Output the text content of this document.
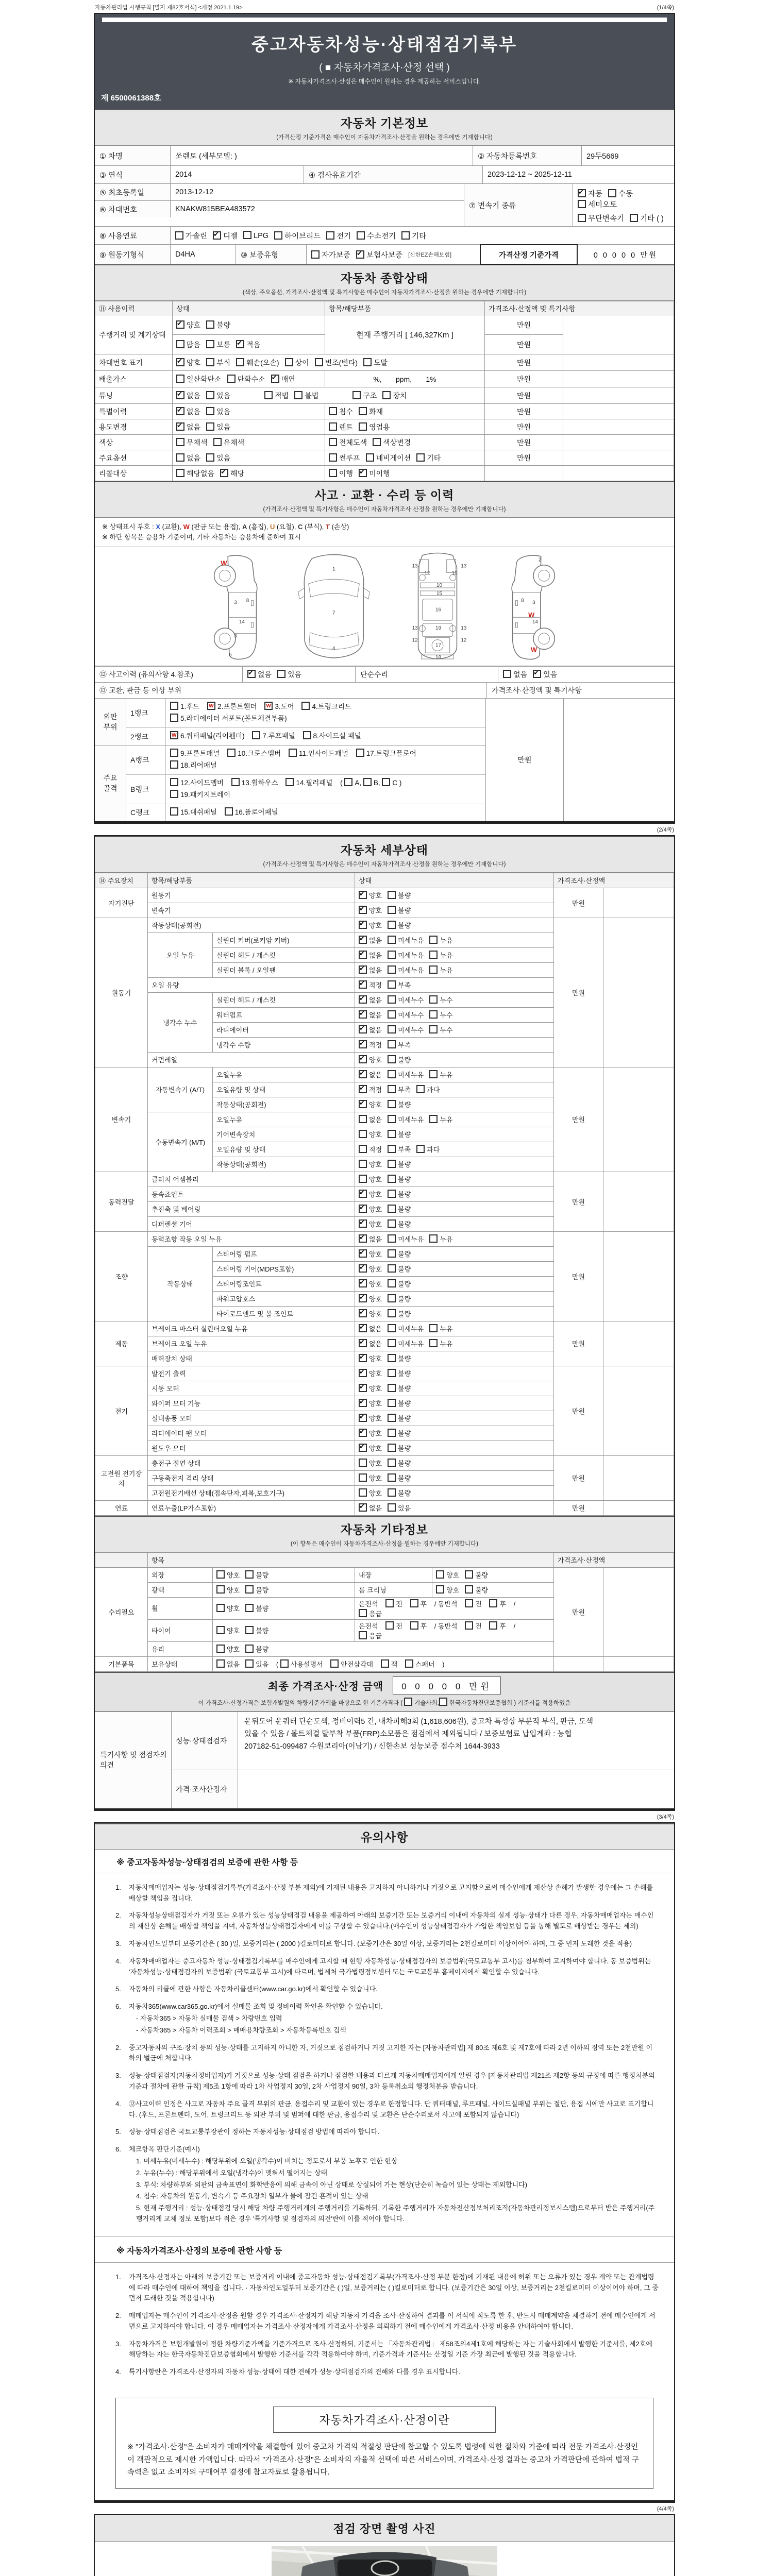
자동차관리법 시행규칙 [별지 제82호서식] <개정 2021.1.19>	(1/4쪽)
중고자동차성능·상태점검기록부
( ■ 자동차가격조사·산정 선택 )
※ 자동차가격조사·산정은 매수인이 원하는 경우 제공하는 서비스입니다.
제 6500061388호
자동차 기본정보
(가격산정 기준가격은 매수인이 자동차가격조사·산정을 원하는 경우에만 기재합니다)
① 차명	쏘렌토 (세부모델: )	② 자동차등록번호	29두5669
③ 연식	2014	④ 검사유효기간	2023-12-12 ~ 2025-12-11
⑤ 최초등록일	2013-12-12
⑥ 차대번호	KNAKW815BEA483572	⑦ 변속기 종류
✔자동 수동세미오토
무단변속기 기타 ( )
⑧ 사용연료	가솔린 ✔	디젤	LPG	하이브리드	전기	수소전기	기타
⑨ 원동기형식	D4HA	⑩ 보증유형	자가보증 ✔	보험사보증 [신한EZ손해보험]	가격산정 기준가격	0 0 0 0 0 만원
자동차 종합상태
(색상, 주요옵션, 가격조사·산정액 및 특기사항은 매수인이 자동차가격조사·산정을 원하는 경우에만 기재합니다)
⑪ 사용이력	상태	항목/해당부품	가격조사·산정액 및 특기사항	
주행거리 및 계기상태	✔양호 불량	현재 주행거리 [ 146,327Km ]	만원	
	많음 보통 ✔ 적음		만원	
차대번호 표기	✔양호 부식 훼손(오손) 상이 변조(변타) 도말		만원	
배출가스	일산화탄소 탄화수소 ✔ 매연	%,       ppm,       1%	만원	
튜닝	✔없음 있음 적법 불법 구조 장치		만원	
특별이력	✔없음 있음	침수 화재	만원	
용도변경	✔없음 있음	렌트 영업용	만원	
색상	무채색 유채색	전체도색 색상변경	만원	
주요옵션	없음 있음	썬루프 네비게이션 기타	만원	
리콜대상	해당없음 ✔ 해당	이행 ✔ 미이행		
사고 · 교환 · 수리 등 이력
(가격조사·산정액 및 특기사항은 매수인이 자동차가격조사·산정을 원하는 경우에만 기재합니다)
※ 상태표시 부호 : X (교환), W (판금 또는 용접), A (흠집), U (요철), C (부식), T (손상)
※ 하단 항목은 승용차 기준이며, 기타 자동차는 승용차에 준하여 표시
8
3
14
3
6
W
1
7
4
13
12	12
13
10
15
16
13	19	13
12
17
12
18
2
3
8
14
W
W
⑫ 사고이력 (유의사항 4.참조) ✔	없음	있음	단순수리	없음 ✔	있음
⑬ 교환, 판금 등 이상 부위	가격조사·산정액 및 특기사항
외판
부위
1랭크
1.후드 W	2.프론트휀더 W	3.도어	4.트렁크리드
5.라디에이터 서포트(볼트체결부품)
2랭크 W	6.쿼터패널(리어휀더)	7.루프패널	8.사이드실 패널
주요
골격
A랭크
9.프론트패널	10.크로스멤버	11.인사이드패널	17.트렁크플로어
18.리어패널
B랭크
12.사이드멤버	13.휠하우스	14.필러패널 ( A, B, C )
19.패키지트레이
C랭크	15.대쉬패널	16.플로어패널
만원
(2/4쪽)
자동차 세부상태
(가격조사·산정액 및 특기사항은 매수인이 자동차가격조사·산정을 원하는 경우에만 기재합니다)
⑭ 주요장치	항목/해당부품		상태	가격조사·산정액	
자기진단	원동기	✔양호 불량	만원	
	변속기	✔양호 불량
원동기	작동상태(공회전)	✔양호 불량	만원	
	오일 누유	실린더 커버(로커암 커버)	✔없음 미세누유 누유
		실린더 헤드 / 개스킷	✔없음 미세누유 누유
		실린더 블록 / 오일팬	✔없음 미세누유 누유
	오일 유량	✔적정 부족
	냉각수 누수	실린더 헤드 / 개스킷	✔없음 미세누수 누수
		워터펌프	✔없음 미세누수 누수
		라디에이터	✔없음 미세누수 누수
		냉각수 수량	✔적정 부족
	커먼레일	✔양호 불량
변속기	자동변속기 (A/T)	오일누유	✔없음 미세누유 누유	만원	
		오일유량 및 상태	✔적정 부족 과다
		작동상태(공회전)	✔양호 불량
	수동변속기 (M/T)	오일누유	없음 미세누유 누유		
		기어변속장치	양호 불량		
		오일유량 및 상태	적정 부족 과다		
		작동상태(공회전)	양호 불량		
동력전달	클러치 어셈블리		양호 불량	만원	
	등속죠인트	✔양호 불량
	추진축 및 베어링	✔양호 불량
	디퍼렌셜 기어	✔양호 불량
조향	동력조향 작동 오일 누유	✔없음 미세누유 누유	만원	
	작동상태	스티어링 펌프	✔양호 불량
		스티어링 기어(MDPS포함)	✔양호 불량
		스티어링조인트	✔양호 불량
		파워고압호스	✔양호 불량
		타이로드엔드 및 볼 조인트	✔양호 불량
제동	브레이크 마스터 실린더오일 누유	✔없음 미세누유 누유	만원	
	브레이크 오일 누유	✔없음 미세누유 누유
	배력장치 상태	✔양호 불량
전기	발전기 출력	✔양호 불량	만원	
	시동 모터	✔양호 불량
	와이퍼 모터 기능	✔양호 불량
	실내송풍 모터	✔양호 불량
	라디에이터 팬 모터	✔양호 불량
	윈도우 모터	✔양호 불량
고전원 전기장치	충전구 절연 상태		양호 불량	만원	
	구동축전지 격리 상태		양호 불량		
	고전원전기배선 상태(접속단자,피복,보호기구)		양호 불량		
연료	연료누출(LP가스포함)	✔없음 있음	만원	
자동차 기타정보
(이 항목은 매수인이 자동차가격조사·산정을 원하는 경우에만 기재합니다)
	항목				가격조사·산정액	
수리필요	외장	양호 불량	내장	양호 불량	만원	
	광택	양호 불량	룸 크리닝	양호 불량		
	휠	양호 불량	운전석 전 후 / 동반석 전 후 / 응급			
	타이어	양호 불량	운전석 전 후 / 동반석 전 후 / 응급			
	유리	양호 불량				
기본품목	보유상태	없음 있음 ( 사용설명서 안전삼각대 잭 스패너 )				
최종 가격조사·산정 금액	0 0 0 0 0 만원
이 가격조사·산정가격은 보험개발원의 차량기준가액을 바탕으로 한 기준가격과 ( 기술사회, 한국자동차진단보증협회 ) 기준서를 적용하였음
특기사항 및 점검자의 의견
성능·상태점검자
운뒤도어 운쿼터 단순도색, 정비이력5 건, 내차피해3회 (1,618,606원), 중고차 특성상 부분적 부식, 판금, 도색 있을 수 있음 / 볼트체결 탈부착 부품(FRP)소모품은 점검에서 제외됩니다 / 보증보험료 납입계좌 : 농협 207182-51-099487 수원코리아(이남기) / 신한손보 성능보증 접수처 1644-3933
가격·조사산정자
(3/4쪽)
유의사항
※ 중고자동차성능·상태점검의 보증에 관한 사항 등
1.	자동차매매업자는 성능·상태점검기록부(가격조사·산정 부분 제외)에 기재된 내용을 고지하지 아니하거나 거짓으로 고지함으로써 매수인에게 재산상 손해가 발생한 경우에는 그 손해를 배상할 책임을 집니다.
2.	자동차성능상태점검자가 거짓 또는 오류가 있는 성능상태점검 내용을 제공하여 아래의 보증기간 또는 보증거리 이내에 자동차의 실제 성능·상태가 다른 경우, 자동차매매업자는 매수인의 재산상 손해를 배상할 책임을 지며, 자동차성능상태점검자에게 이를 구상할 수 있습니다.(매수인이 성능상태점검자가 가입한 책임보험 등을 통해 별도로 배상받는 경우는 제외)
3.	자동차인도일부터 보증기간은 ( 30 )일, 보증거리는 ( 2000 )킬로미터로 합니다. (보증기간은 30일 이상, 보증거리는 2천킬로미터 이상이어야 하며, 그 중 먼저 도래한 것을 적용)
4.	자동차매매업자는 중고자동차 성능·상태점검기록부를 매수인에게 고지할 때 현행 자동차성능·상태점검자의 보증범위(국토교통부 고시)를 첨부하여 고지하여야 합니다. 동 보증범위는 '자동차성능·상태점검자의 보증범위' (국토교통부 고시)에 따르며, 법제처 국가법령정보센터 또는 국토교통부 홈페이지에서 확인할 수 있습니다.
5.	자동차의 리콜에 관한 사항은 자동차리콜센터(www.car.go.kr)에서 확인할 수 있습니다.
6.	자동차365(www.car365.go.kr)에서 실매물 조회 및 정비이력 확인을 확인할 수 있습니다.
- 자동차365 > 자동차 실매물 검색 > 차량번호 입력
- 자동차365 > 자동차 이력조회 > 매매용차량조회 > 자동차등록번호 검색
2.	중고자동차의 구조·장치 등의 성능·상태를 고지하지 아니한 자, 거짓으로 점검하거나 거짓 고지한 자는 [자동차관리법] 제 80조 제6호 및 제7호에 따라 2년 이하의 징역 또는 2천만원 이하의 벌금에 처합니다.
3.	성능·상태점검자(자동차정비업자)가 거짓으로 성능·상태 점검을 하거나 점검한 내용과 다르게 자동차매매업자에게 알린 경우 [자동차관리법 제21조 제2항 등의 규정에 따른 행정처분의 기준과 절차에 관한 규칙] 제5조 1항에 따라 1차 사업정지 30일, 2차 사업정지 90일, 3차 등록취소의 행정처분을 받습니다.
4.	⑫사고이력 인정은 사고로 자동차 주요 골격 부위의 판금, 용접수리 및 교환이 있는 경우로 한정합니다. 단 쿼터패널, 루프패널, 사이드실패널 부위는 절단, 용접 시에만 사고로 표기합니다. (후드, 프론트펜더, 도어, 트렁크리드 등 외판 부위 및 범퍼에 대한 판금, 용접수리 및 교환은 단순수리로서 사고에 포함되지 않습니다)
5.	성능·상태점검은 국토교통부장관이 정하는 자동차성능·상태점검 방법에 따라야 합니다.
6.	체크항목 판단기준(예시)
1. 미세누유(미세누수) : 해당부위에 오일(냉각수)이 비치는 정도로서 부품 노후로 인한 현상
2. 누유(누수) : 해당부위에서 오일(냉각수)이 맺혀서 떨어지는 상태
3. 부식: 차량하부와 외판의 금속표면이 화학반응에 의해 금속이 아닌 상태로 상실되어 가는 현상(단순히 녹슬어 있는 상태는 제외합니다)
4. 침수: 자동차의 원동기, 변속기 등 주요장치 일부가 물에 잠긴 흔적이 있는 상태
5. 현재 주행거리 : 성능·상태점검 당시 해당 차량 주행거리계의 주행거리를 기록하되, 기록한 주행거리가 자동차전산정보처리조직(자동차관리정보시스템)으로부터 받은 주행거리(주행거리계 교체 정보 포함)보다 적은 경우 '특기사항 및 점검자의 의견'란에 이를 적어야 합니다.
※ 자동차가격조사·산정의 보증에 관한 사항 등
1.	가격조사·산정자는 아래의 보증기간 또는 보증거리 이내에 중고자동차 성능·상태점검기록부(가격조사·산정 부분 한정)에 기재된 내용에 허위 또는 오류가 있는 경우 계약 또는 관계법령에 따라 매수인에 대하여 책임을 집니다. · 자동차인도일부터 보증기간은 ( )일, 보증거리는 ( )킬로미터로 합니다. (보증기간은 30일 이상, 보증거리는 2천킬로미터 이상이어야 하며, 그 중 먼저 도래한 것을 적용합니다)
2.	매매업자는 매수인이 가격조사·산정을 원할 경우 가격조사·산정자가 해당 자동차 가격을 조사·산정하여 결과를 이 서식에 적도록 한 후, 반드시 매매계약을 체결하기 전에 매수인에게 서면으로 고지하여야 합니다. 이 경우 매매업자는 가격조사·산정자에게 가격조사·산정을 의뢰하기 전에 매수인에게 가격조사·산정 비용을 안내하여야 합니다.
3.	자동차가격은 보험개발원이 정한 차량기준가액을 기준가격으로 조사·산정하되, 기준서는 「자동차관리법」 제58조의4제1호에 해당하는 자는 기술사회에서 발행한 기준서를, 제2호에 해당하는 자는 한국자동차진단보증협회에서 발행한 기준서를 각각 적용하여야 하며, 기준가격과 기준서는 산정일 기준 가장 최근에 발행된 것을 적용합니다.
4.	특기사항란은 가격조사·산정자의 자동차 성능·상태에 대한 견해가 성능·상태점검자의 견해와 다를 경우 표시합니다.
자동차가격조사·산정이란
※ "가격조사·산정"은 소비자가 매매계약을 체결함에 있어 중고차 가격의 적절성 판단에 참고할 수 있도록 법령에 의한 절차와 기준에 따라 전문 가격조사·산정인이 객관적으로 제시한 가액입니다. 따라서 "가격조사·산정"은 소비자의 자율적 선택에 따른 서비스이며, 가격조사·산정 결과는 중고차 가격판단에 관하여 법적 구속력은 없고 소비자의 구매여부 결정에 참고자료로 활용됩니다.
(4/4쪽)
점검 장면 촬영 사진
